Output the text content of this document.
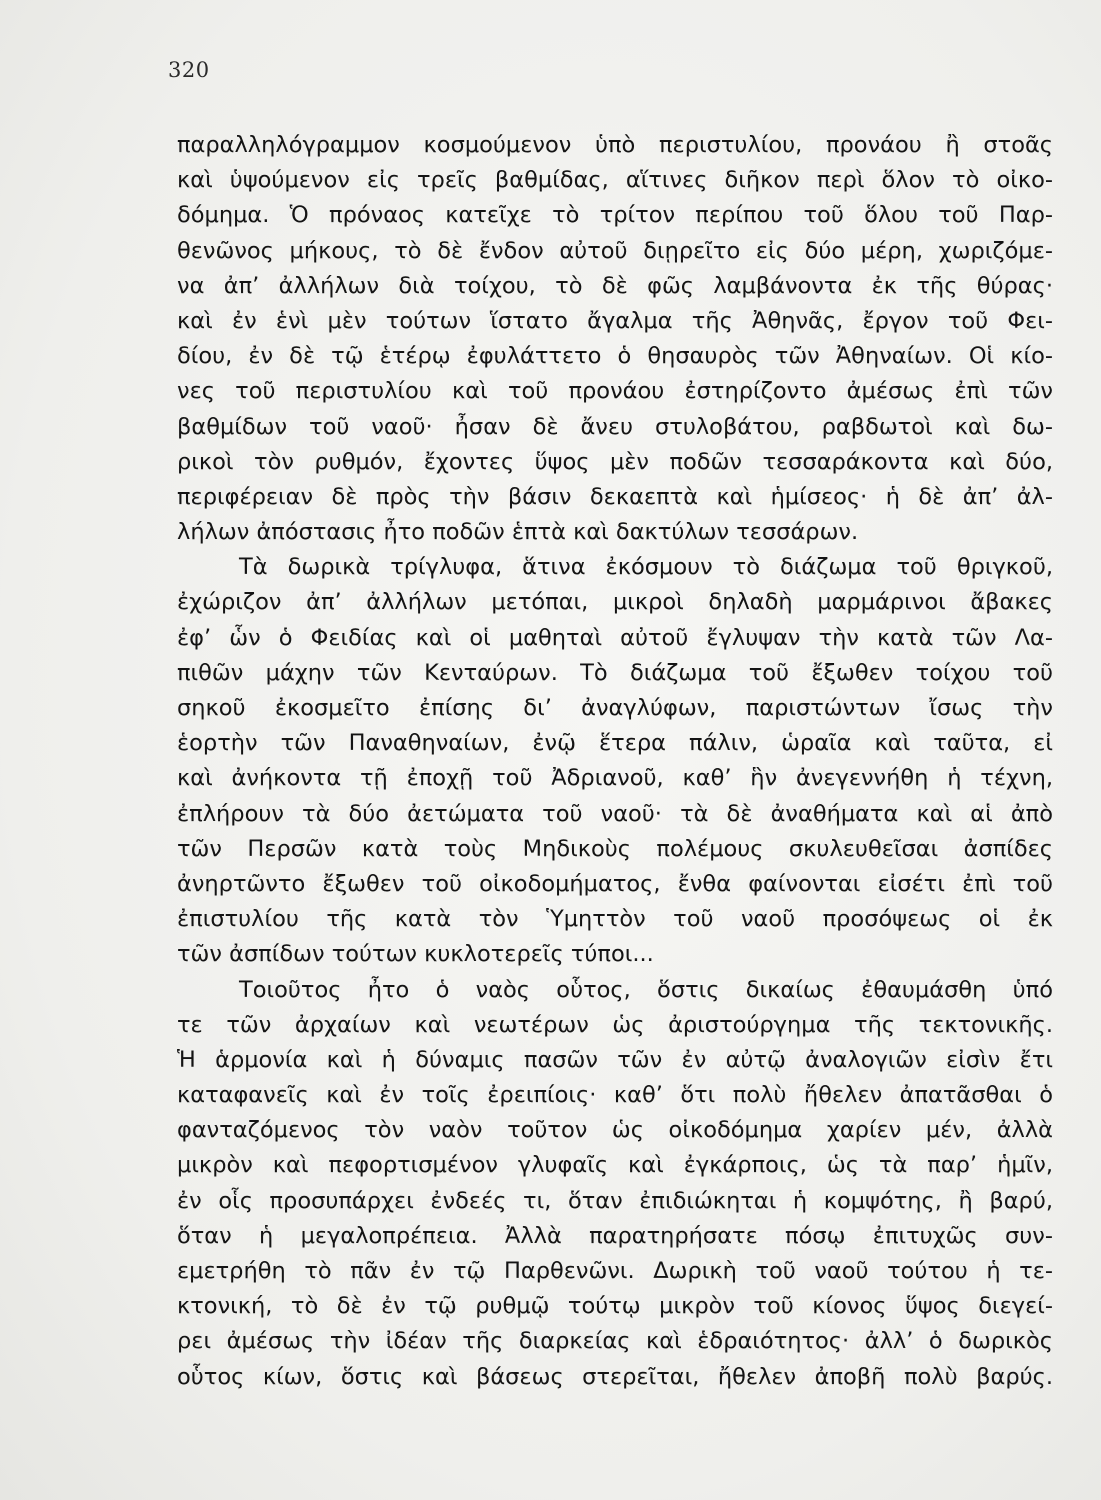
320
παραλληλόγραμμον κοσμούμενον ὑπὸ περιστυλίου, προνάου ἢ στοᾶς
καὶ ὑψούμενον εἰς τρεῖς βαθμίδας, αἵτινες διῆκον περὶ ὅλον τὸ οἰκο-
δόμημα. Ὁ πρόναος κατεῖχε τὸ τρίτον περίπου τοῦ ὅλου τοῦ Παρ-
θενῶνος μήκους, τὸ δὲ ἔνδον αὐτοῦ διῃρεῖτο εἰς δύο μέρη, χωριζόμε-
να ἀπ’ ἀλλήλων διὰ τοίχου, τὸ δὲ φῶς λαμβάνοντα ἐκ τῆς θύρας·
καὶ ἐν ἑνὶ μὲν τούτων ἵστατο ἄγαλμα τῆς Ἀθηνᾶς, ἔργον τοῦ Φει-
δίου, ἐν δὲ τῷ ἑτέρῳ ἐφυλάττετο ὁ θησαυρὸς τῶν Ἀθηναίων. Οἱ κίο-
νες τοῦ περιστυλίου καὶ τοῦ προνάου ἐστηρίζοντο ἀμέσως ἐπὶ τῶν
βαθμίδων τοῦ ναοῦ· ἦσαν δὲ ἄνευ στυλοβάτου, ραβδωτοὶ καὶ δω-
ρικοὶ τὸν ρυθμόν, ἔχοντες ὕψος μὲν ποδῶν τεσσαράκοντα καὶ δύο,
περιφέρειαν δὲ πρὸς τὴν βάσιν δεκαεπτὰ καὶ ἡμίσεος· ἡ δὲ ἀπ’ ἀλ-
λήλων ἀπόστασις ἦτο ποδῶν ἑπτὰ καὶ δακτύλων τεσσάρων.
Τὰ δωρικὰ τρίγλυφα, ἅτινα ἐκόσμουν τὸ διάζωμα τοῦ θριγκοῦ,
ἐχώριζον ἀπ’ ἀλλήλων μετόπαι, μικροὶ δηλαδὴ μαρμάρινοι ἄβακες
ἐφ’ ὧν ὁ Φειδίας καὶ οἱ μαθηταὶ αὐτοῦ ἔγλυψαν τὴν κατὰ τῶν Λα-
πιθῶν μάχην τῶν Κενταύρων. Τὸ διάζωμα τοῦ ἔξωθεν τοίχου τοῦ
σηκοῦ ἐκοσμεῖτο ἐπίσης δι’ ἀναγλύφων, παριστώντων ἴσως τὴν
ἑορτὴν τῶν Παναθηναίων, ἐνῷ ἕτερα πάλιν, ὡραῖα καὶ ταῦτα, εἰ
καὶ ἀνήκοντα τῇ ἐποχῇ τοῦ Ἀδριανοῦ, καθ’ ἣν ἀνεγεννήθη ἡ τέχνη,
ἐπλήρουν τὰ δύο ἀετώματα τοῦ ναοῦ· τὰ δὲ ἀναθήματα καὶ αἱ ἀπὸ
τῶν Περσῶν κατὰ τοὺς Μηδικοὺς πολέμους σκυλευθεῖσαι ἀσπίδες
ἀνηρτῶντο ἔξωθεν τοῦ οἰκοδομήματος, ἔνθα φαίνονται εἰσέτι ἐπὶ τοῦ
ἐπιστυλίου τῆς κατὰ τὸν Ὑμηττὸν τοῦ ναοῦ προσόψεως οἱ ἐκ
τῶν ἀσπίδων τούτων κυκλοτερεῖς τύποι...
Τοιοῦτος ἦτο ὁ ναὸς οὗτος, ὅστις δικαίως ἐθαυμάσθη ὑπό
τε τῶν ἀρχαίων καὶ νεωτέρων ὡς ἀριστούργημα τῆς τεκτονικῆς.
Ἡ ἁρμονία καὶ ἡ δύναμις πασῶν τῶν ἐν αὐτῷ ἀναλογιῶν εἰσὶν ἔτι
καταφανεῖς καὶ ἐν τοῖς ἐρειπίοις· καθ’ ὅτι πολὺ ἤθελεν ἀπατᾶσθαι ὁ
φανταζόμενος τὸν ναὸν τοῦτον ὡς οἰκοδόμημα χαρίεν μέν, ἀλλὰ
μικρὸν καὶ πεφορτισμένον γλυφαῖς καὶ ἐγκάρποις, ὡς τὰ παρ’ ἡμῖν,
ἐν οἷς προσυπάρχει ἐνδεές τι, ὅταν ἐπιδιώκηται ἡ κομψότης, ἢ βαρύ,
ὅταν ἡ μεγαλοπρέπεια. Ἀλλὰ παρατηρήσατε πόσῳ ἐπιτυχῶς συν-
εμετρήθη τὸ πᾶν ἐν τῷ Παρθενῶνι. Δωρικὴ τοῦ ναοῦ τούτου ἡ τε-
κτονική, τὸ δὲ ἐν τῷ ρυθμῷ τούτῳ μικρὸν τοῦ κίονος ὕψος διεγεί-
ρει ἀμέσως τὴν ἰδέαν τῆς διαρκείας καὶ ἑδραιότητος· ἀλλ’ ὁ δωρικὸς
οὗτος κίων, ὅστις καὶ βάσεως στερεῖται, ἤθελεν ἀποβῆ πολὺ βαρύς.
